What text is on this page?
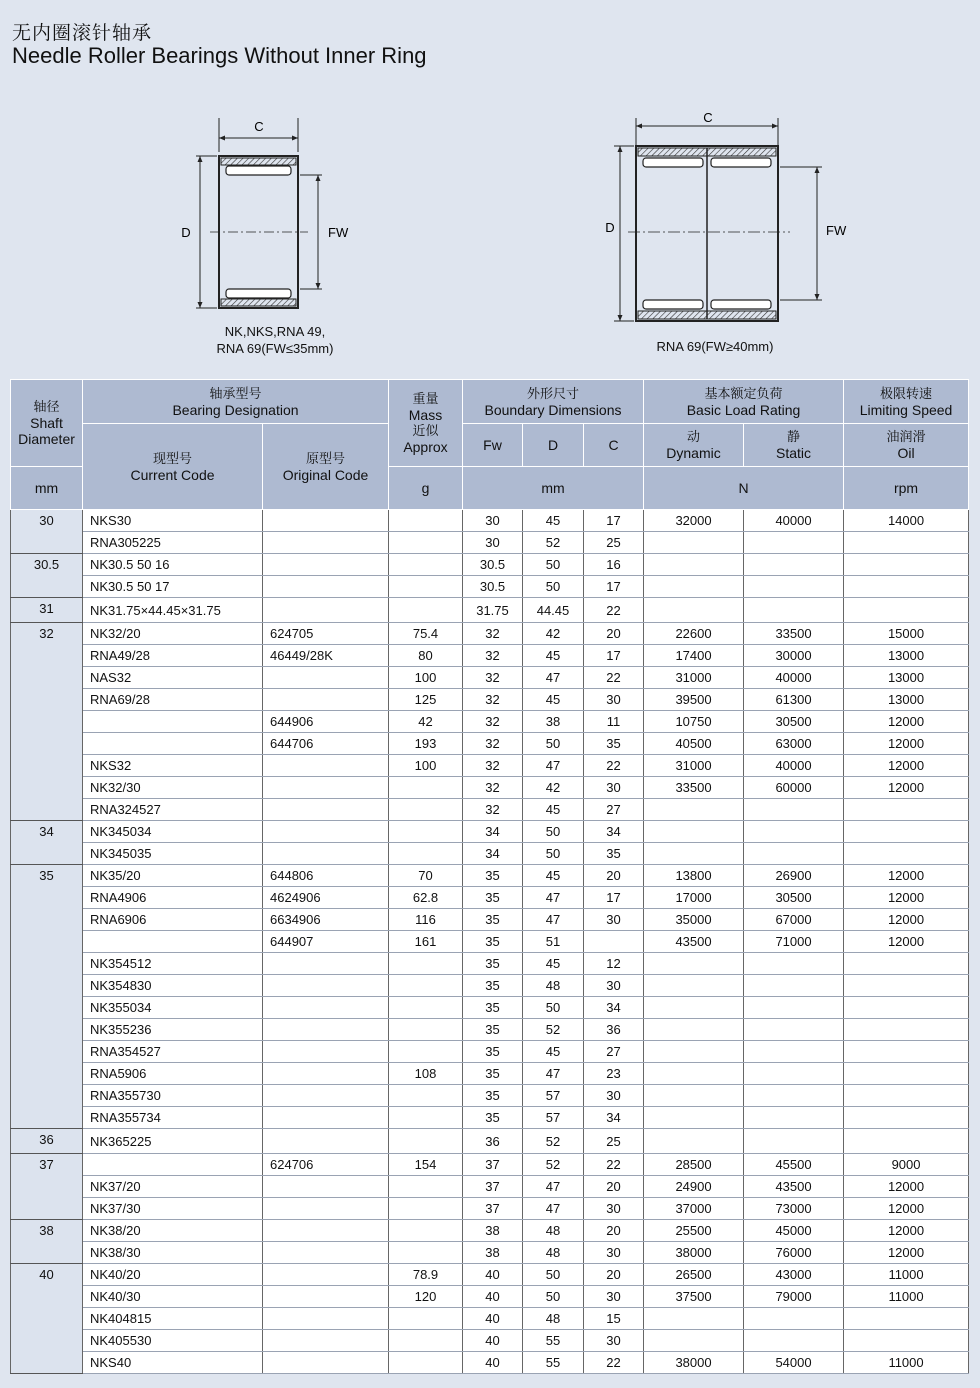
无内圈滚针轴承
Needle Roller Bearings Without Inner Ring
D
C
FW
NK,NKS,RNA 49,
RNA 69(FW≤35mm)
D
C
FW
RNA 69(FW≥40mm)
轴径
Shaft
Diameter	轴承型号
Bearing Designation		重量
Mass
近似
Approx	外形尺寸
Boundary Dimensions			基本额定负荷
Basic Load Rating		极限转速
Limiting Speed

	现型号
Current Code	原型号
Original Code		Fw	D	C	动
Dynamic	静
Static	油润滑
Oil
mm			g	mm			N		rpm
30	NKS30			30	45	17	32000	40000	14000
	RNA305225			30	52	25			
30.5	NK30.5 50 16			30.5	50	16			
	NK30.5 50 17			30.5	50	17			
31	NK31.75×44.45×31.75			31.75	44.45	22			
32	NK32/20	624705	75.4	32	42	20	22600	33500	15000
	RNA49/28	46449/28K	80	32	45	17	17400	30000	13000
	NAS32		100	32	47	22	31000	40000	13000
	RNA69/28		125	32	45	30	39500	61300	13000
		644906	42	32	38	11	10750	30500	12000
		644706	193	32	50	35	40500	63000	12000
	NKS32		100	32	47	22	31000	40000	12000
	NK32/30			32	42	30	33500	60000	12000
	RNA324527			32	45	27			
34	NK345034			34	50	34			
	NK345035			34	50	35			
35	NK35/20	644806	70	35	45	20	13800	26900	12000
	RNA4906	4624906	62.8	35	47	17	17000	30500	12000
	RNA6906	6634906	116	35	47	30	35000	67000	12000
		644907	161	35	51		43500	71000	12000
	NK354512			35	45	12			
	NK354830			35	48	30			
	NK355034			35	50	34			
	NK355236			35	52	36			
	RNA354527			35	45	27			
	RNA5906		108	35	47	23			
	RNA355730			35	57	30			
	RNA355734			35	57	34			
36	NK365225			36	52	25			
37		624706	154	37	52	22	28500	45500	9000
	NK37/20			37	47	20	24900	43500	12000
	NK37/30			37	47	30	37000	73000	12000
38	NK38/20			38	48	20	25500	45000	12000
	NK38/30			38	48	30	38000	76000	12000
40	NK40/20		78.9	40	50	20	26500	43000	11000
	NK40/30		120	40	50	30	37500	79000	11000
	NK404815			40	48	15			
	NK405530			40	55	30			
	NKS40			40	55	22	38000	54000	11000
